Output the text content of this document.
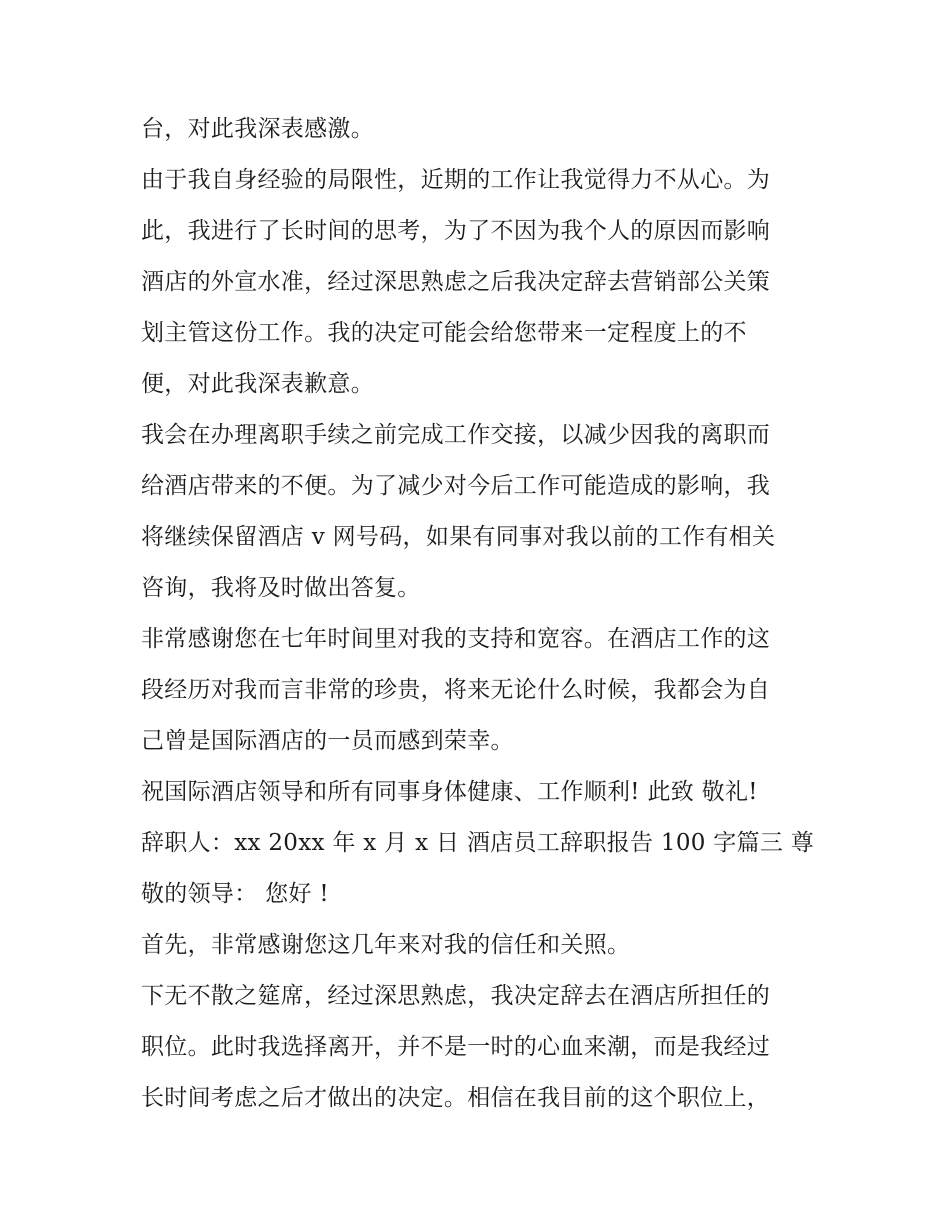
台，对此我深表感激。
由于我自身经验的局限性，近期的工作让我觉得力不从心。为
此，我进行了长时间的思考，为了不因为我个人的原因而影响
酒店的外宣水准，经过深思熟虑之后我决定辞去营销部公关策
划主管这份工作。我的决定可能会给您带来一定程度上的不
便，对此我深表歉意。
我会在办理离职手续之前完成工作交接，以减少因我的离职而
给酒店带来的不便。为了减少对今后工作可能造成的影响，我
将继续保留酒店 v 网号码，如果有同事对我以前的工作有相关
咨询，我将及时做出答复。
非常感谢您在七年时间里对我的支持和宽容。在酒店工作的这
段经历对我而言非常的珍贵，将来无论什么时候，我都会为自
己曾是国际酒店的一员而感到荣幸。
祝国际酒店领导和所有同事身体健康、工作顺利! 此致 敬礼!
辞职人：xx 20xx 年 x 月 x 日 酒店员工辞职报告 100 字篇三 尊
敬的领导： 您好 !
首先，非常感谢您这几年来对我的信任和关照。
下无不散之筵席，经过深思熟虑，我决定辞去在酒店所担任的
职位。此时我选择离开，并不是一时的心血来潮，而是我经过
长时间考虑之后才做出的决定。相信在我目前的这个职位上，
